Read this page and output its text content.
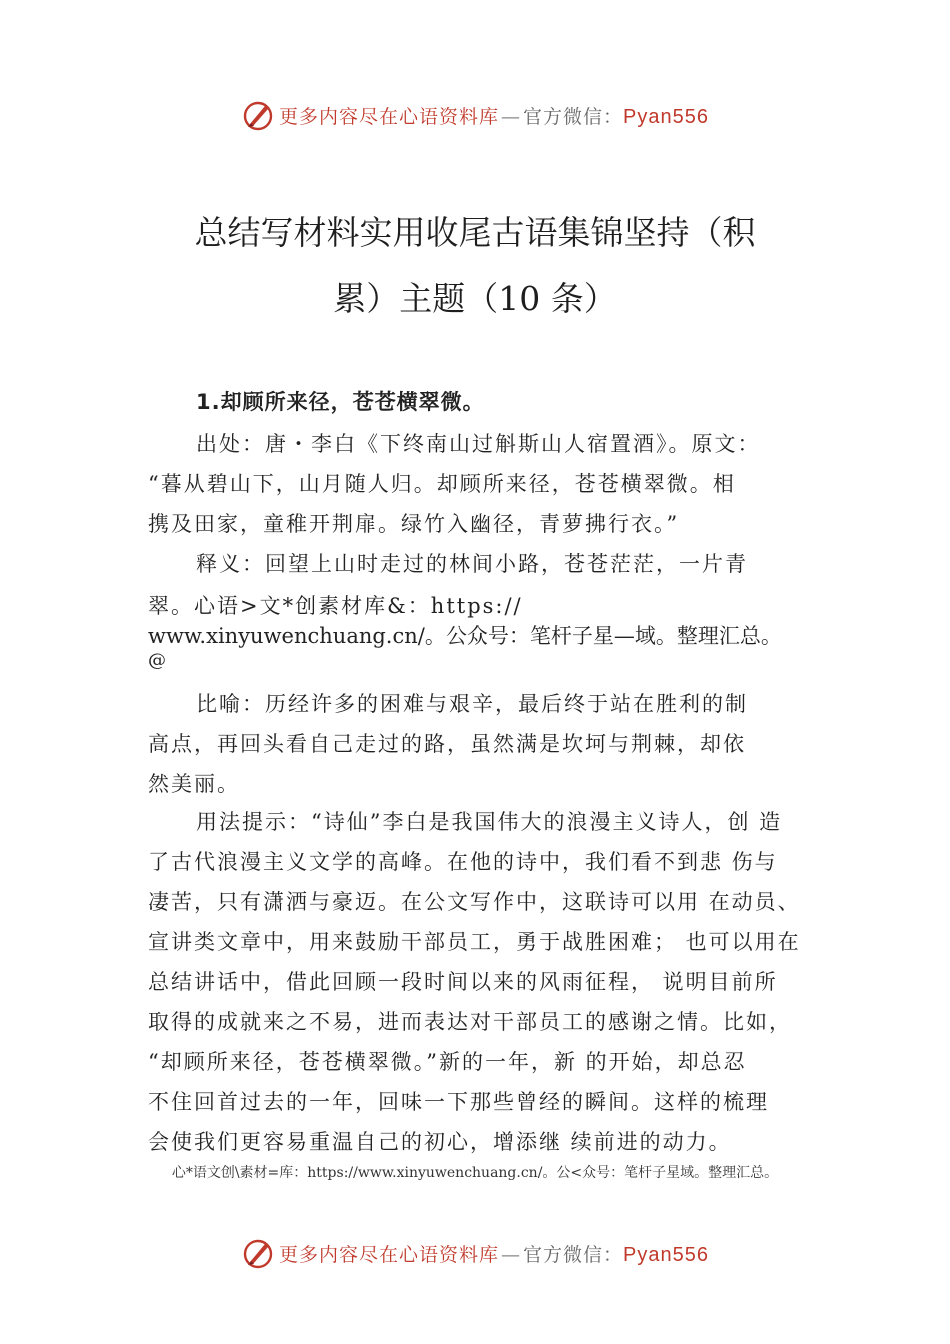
更多内容尽在心语资料库 — 官方微信：Pyan556
总结写材料实用收尾古语集锦坚持（积
累）主题（10 条）
1.却顾所来径，苍苍横翠微。
出处：唐・李白《下终南山过斛斯山人宿置酒》。原文：
“暮从碧山下，山月随人归。却顾所来径，苍苍横翠微。相
携及田家，童稚开荆扉。绿竹入幽径，青萝拂行衣。”
释义：回望上山时走过的林间小路，苍苍茫茫，一片青
翠。心语>文*创素材库&：https://
www.xinyuwenchuang.cn/。公众号：笔杆子星—域。整理汇总。
@
比喻：历经许多的困难与艰辛，最后终于站在胜利的制
高点，再回头看自己走过的路，虽然满是坎坷与荆棘，却依
然美丽。
用法提示：“诗仙”李白是我国伟大的浪漫主义诗人，创 造
了古代浪漫主义文学的高峰。在他的诗中，我们看不到悲 伤与
凄苦，只有潇洒与豪迈。在公文写作中，这联诗可以用 在动员、
宣讲类文章中，用来鼓励干部员工，勇于战胜困难； 也可以用在
总结讲话中，借此回顾一段时间以来的风雨征程， 说明目前所
取得的成就来之不易，进而表达对干部员工的感谢之情。比如，
“却顾所来径，苍苍横翠微。”新的一年，新 的开始，却总忍
不住回首过去的一年，回味一下那些曾经的瞬间。这样的梳理
会使我们更容易重温自己的初心，增添继 续前进的动力。
心*语文创\素材=库：https://www.xinyuwenchuang.cn/。公<众号：笔杆子星域。整理汇总。
更多内容尽在心语资料库 — 官方微信：Pyan556
